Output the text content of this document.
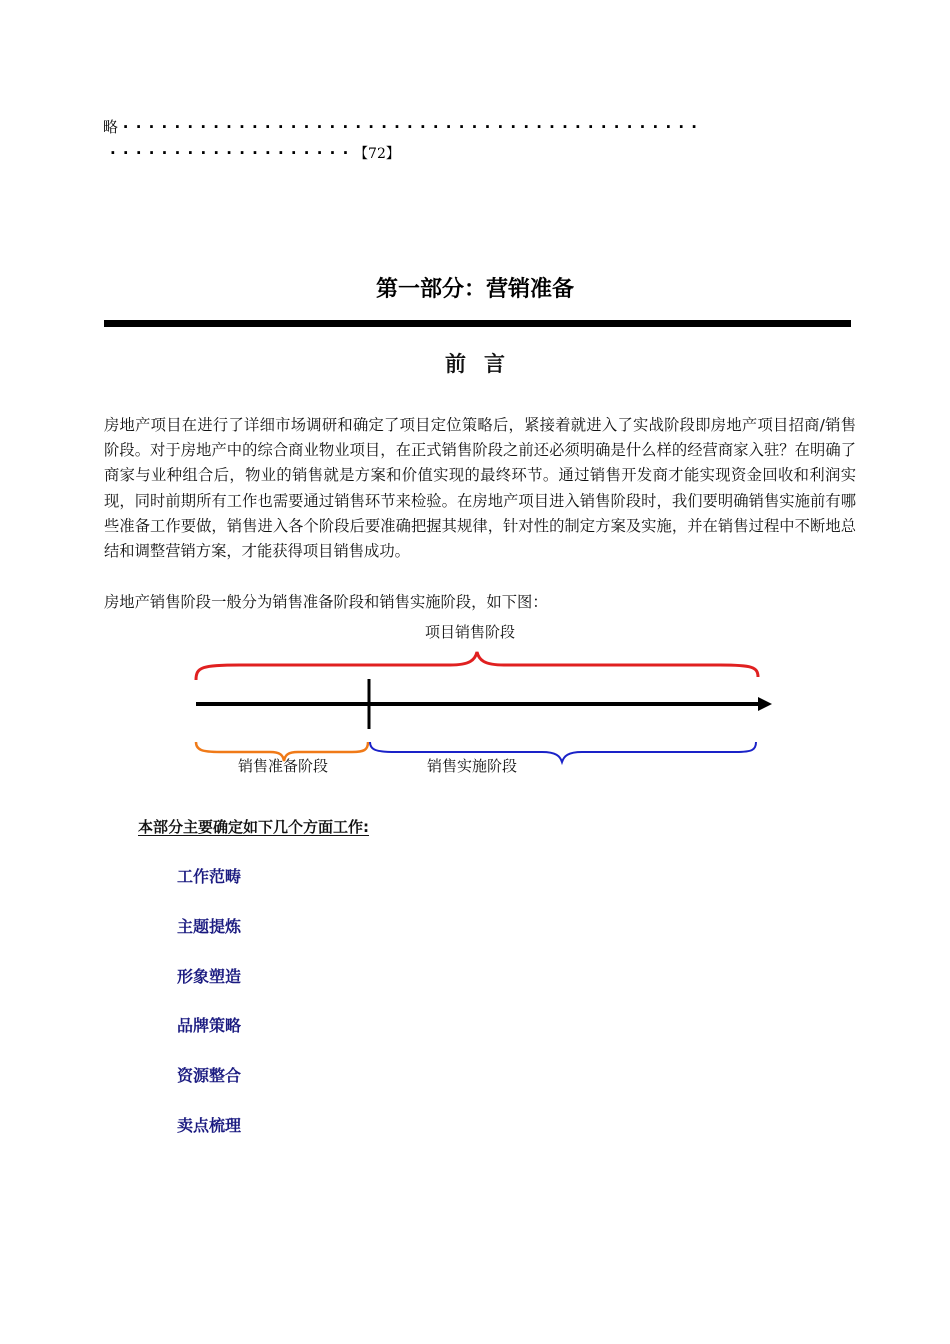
略 · · · · · · · · · · · · · · · · · · · · · · · · · · · · · · · · · · · · · · · · · · · · ·
· · · · · · · · · · · · · · · · · · · 【72】
第一部分：营销准备
前言

房地产项目在进行了详细市场调研和确定了项目定位策略后，紧接着就进入了实战阶段即房地产项目招商/销售阶段。对于房地产中的综合商业物业项目，在正式销售阶段之前还必须明确是什么样的经营商家入驻？在明确了商家与业种组合后，物业的销售就是方案和价值实现的最终环节。通过销售开发商才能实现资金回收和利润实现，同时前期所有工作也需要通过销售环节来检验。在房地产项目进入销售阶段时，我们要明确销售实施前有哪些准备工作要做，销售进入各个阶段后要准确把握其规律，针对性的制定方案及实施，并在销售过程中不断地总结和调整营销方案，才能获得项目销售成功。

房地产销售阶段一般分为销售准备阶段和销售实施阶段，如下图：
项目销售阶段
销售准备阶段	销售实施阶段
本部分主要确定如下几个方面工作:
工作范畴
主题提炼
形象塑造
品牌策略
资源整合
卖点梳理
